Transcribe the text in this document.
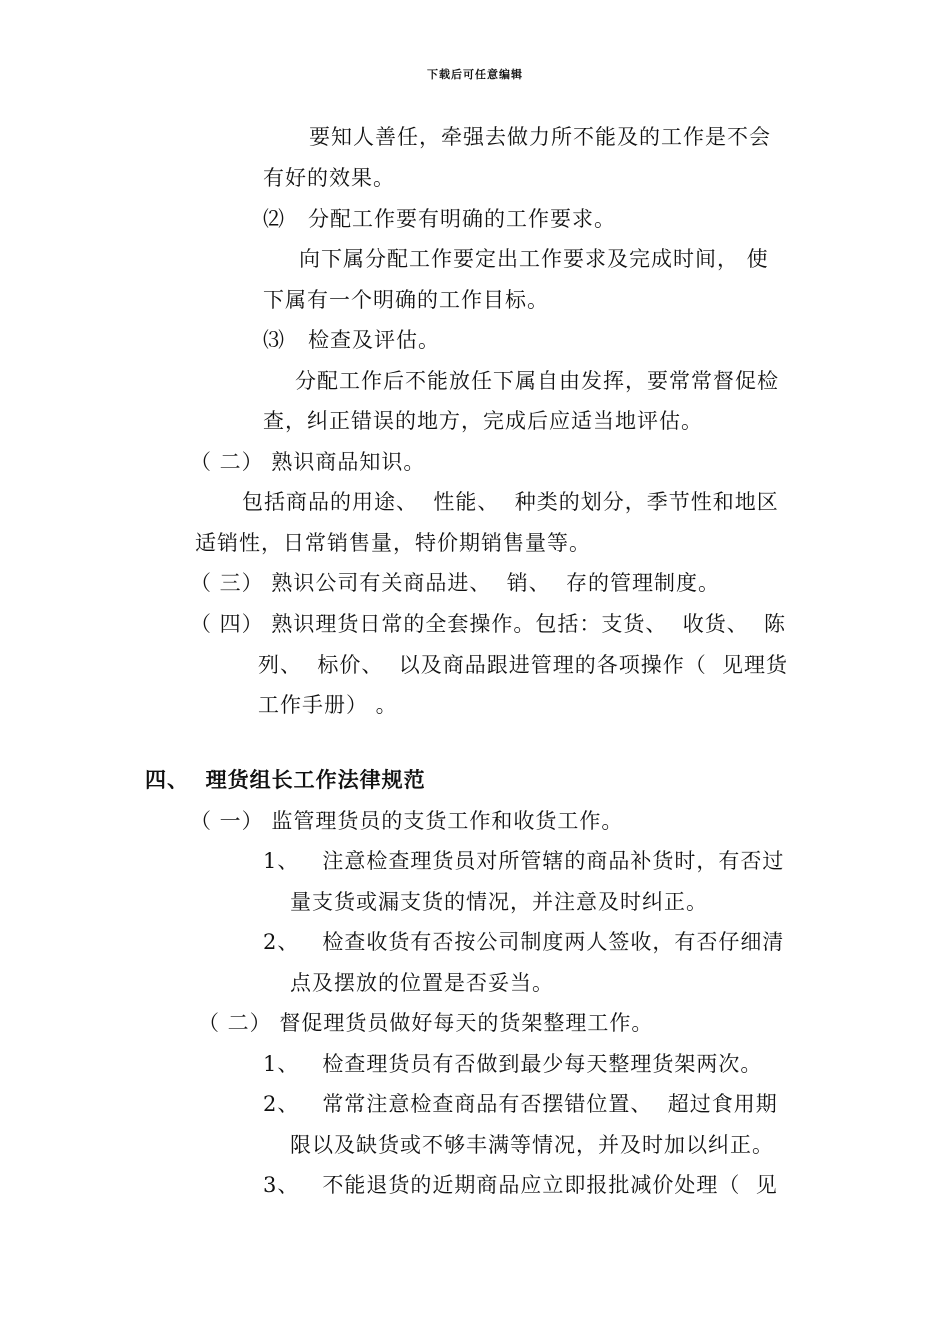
下载后可任意编辑
要知人善任，牵强去做力所不能及的工作是不会
有好的效果。
⑵   分配工作要有明确的工作要求。
向下属分配工作要定出工作要求及完成时间， 使
下属有一个明确的工作目标。
⑶   检查及评估。
分配工作后不能放任下属自由发挥，要常常督促检
查，纠正错误的地方，完成后应适当地评估。
（ 二） 熟识商品知识。
包括商品的用途、  性能、  种类的划分，季节性和地区
适销性，日常销售量，特价期销售量等。
（ 三） 熟识公司有关商品进、  销、  存的管理制度。
（ 四） 熟识理货日常的全套操作。包括：支货、  收货、  陈
列、  标价、  以及商品跟进管理的各项操作（  见理货
工作手册） 。
四、  理货组长工作法律规范
（ 一） 监管理货员的支货工作和收货工作。
1、   注意检查理货员对所管辖的商品补货时，有否过
量支货或漏支货的情况，并注意及时纠正。
2、   检查收货有否按公司制度两人签收，有否仔细清
点及摆放的位置是否妥当。
（ 二） 督促理货员做好每天的货架整理工作。
1、   检查理货员有否做到最少每天整理货架两次。
2、   常常注意检查商品有否摆错位置、  超过食用期
限以及缺货或不够丰满等情况，并及时加以纠正。
3、   不能退货的近期商品应立即报批减价处理（  见
